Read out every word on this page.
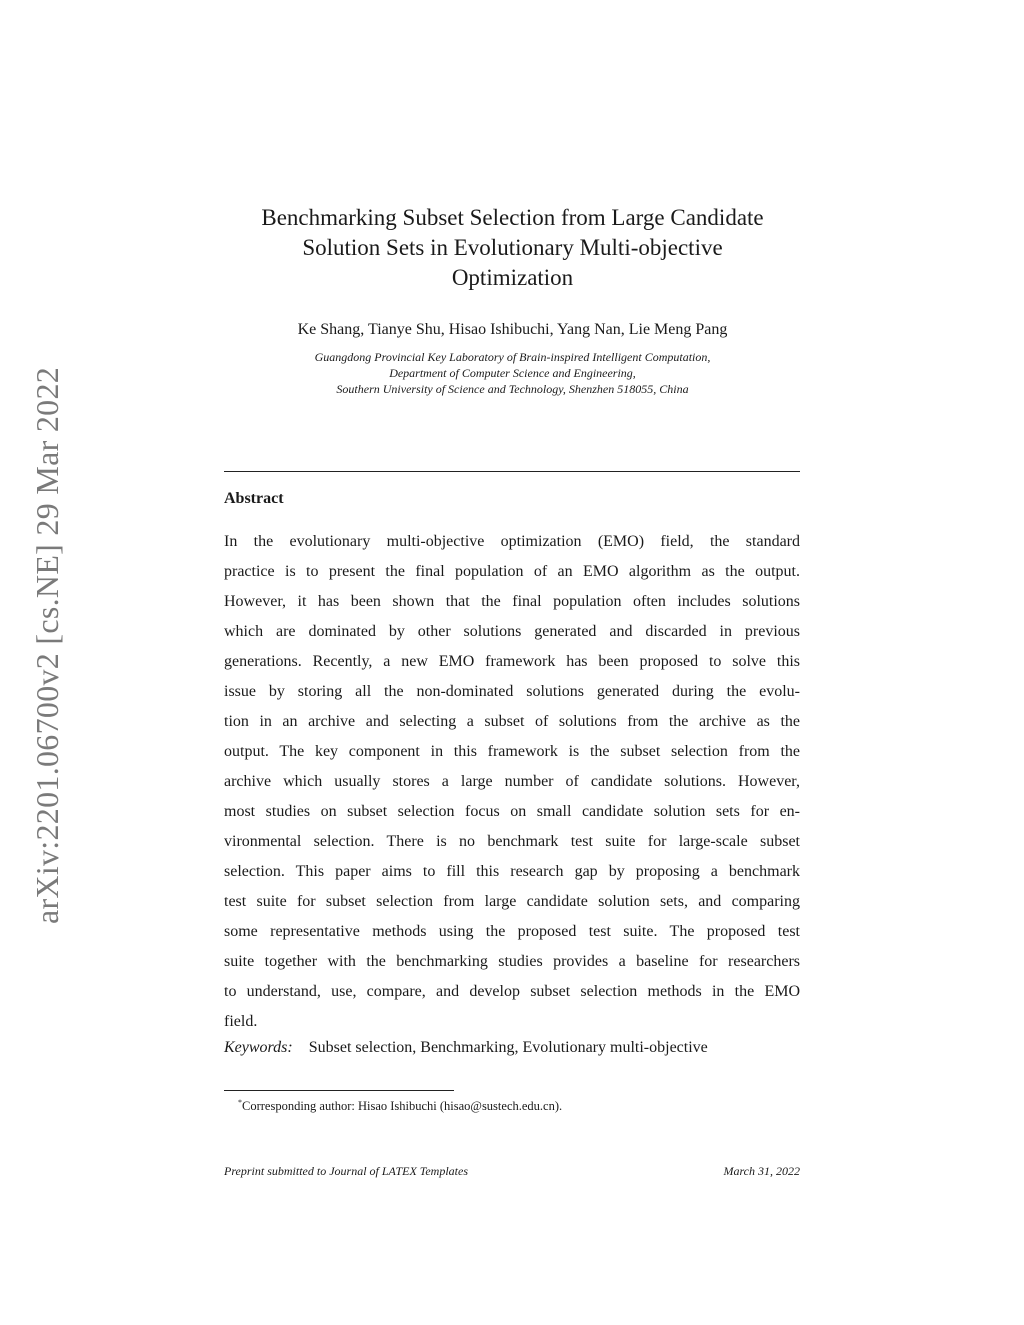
arXiv:2201.06700v2 [cs.NE] 29 Mar 2022
Benchmarking Subset Selection from Large Candidate
Solution Sets in Evolutionary Multi-objective
Optimization
Ke Shang, Tianye Shu, Hisao Ishibuchi, Yang Nan, Lie Meng Pang
Guangdong Provincial Key Laboratory of Brain-inspired Intelligent Computation,
Department of Computer Science and Engineering,
Southern University of Science and Technology, Shenzhen 518055, China
Abstract
In the evolutionary multi-objective optimization (EMO) field, the standard
practice is to present the final population of an EMO algorithm as the output.
However, it has been shown that the final population often includes solutions
which are dominated by other solutions generated and discarded in previous
generations. Recently, a new EMO framework has been proposed to solve this
issue by storing all the non-dominated solutions generated during the evolu-
tion in an archive and selecting a subset of solutions from the archive as the
output. The key component in this framework is the subset selection from the
archive which usually stores a large number of candidate solutions. However,
most studies on subset selection focus on small candidate solution sets for en-
vironmental selection. There is no benchmark test suite for large-scale subset
selection. This paper aims to fill this research gap by proposing a benchmark
test suite for subset selection from large candidate solution sets, and comparing
some representative methods using the proposed test suite. The proposed test
suite together with the benchmarking studies provides a baseline for researchers
to understand, use, compare, and develop subset selection methods in the EMO
field.
Keywords: Subset selection, Benchmarking, Evolutionary multi-objective
*Corresponding author: Hisao Ishibuchi (hisao@sustech.edu.cn).
Preprint submitted to Journal of LATEX Templates	March 31, 2022
